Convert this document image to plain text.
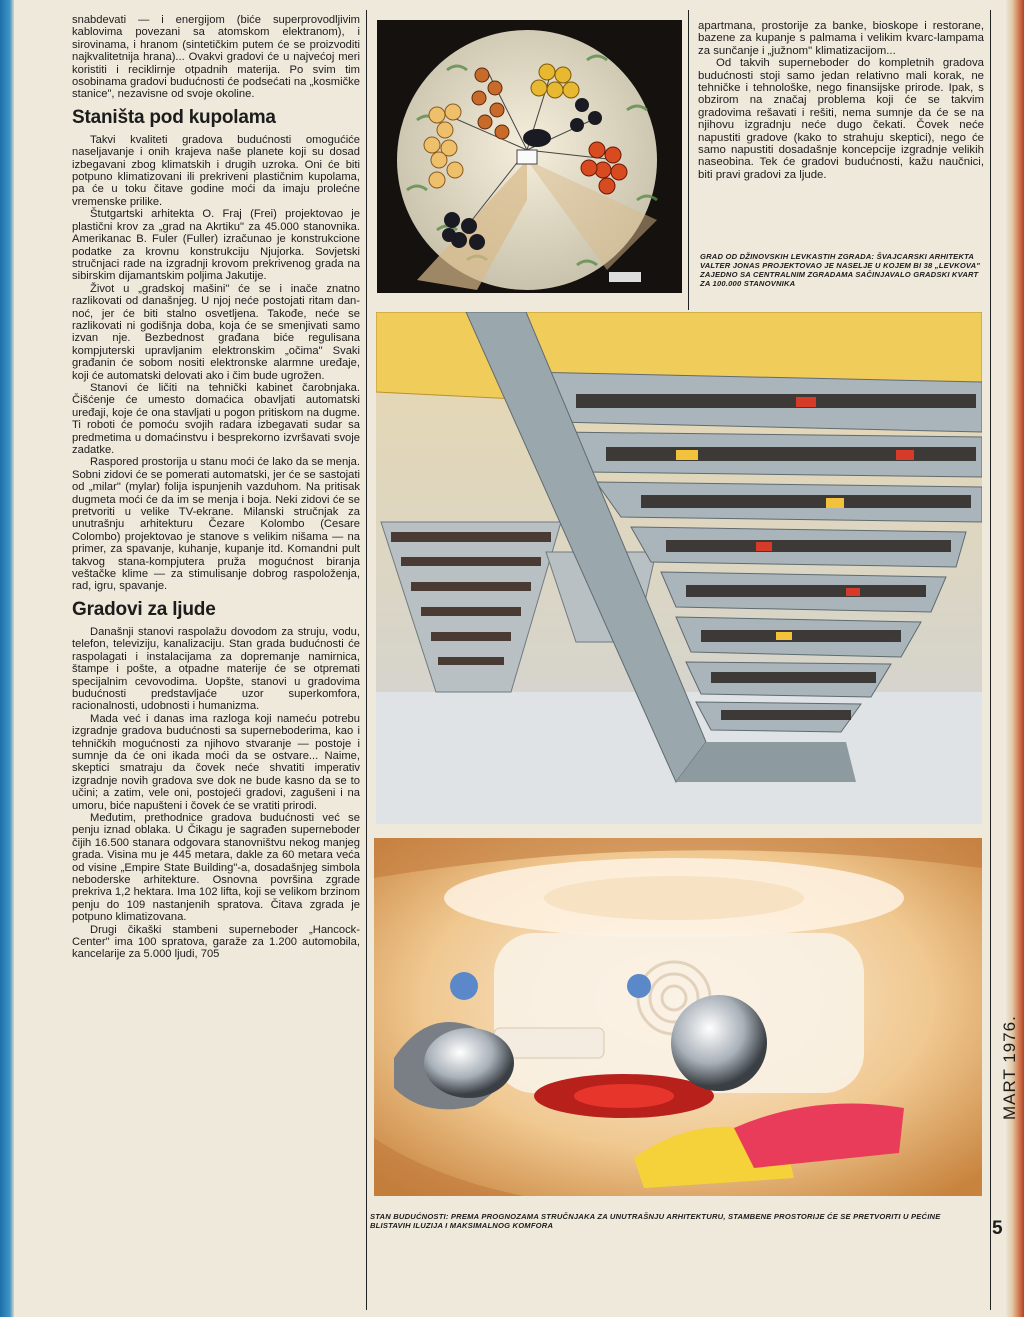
snabdevati — i energijom (biće superprovodljivim kablovima povezani sa atomskom elektranom), i sirovinama, i hranom (sintetičkim putem će se proizvoditi najkvalitetnija hrana)... Ovakvi gradovi će u najvećoj meri koristiti i reciklirnje otpadnih materija. Po svim tim osobinama gradovi budućnosti će podsećati na „kosmičke stanice", nezavisne od svoje okoline.

Staništa pod kupolama

Takvi kvaliteti gradova budućnosti omogućiće naseljavanje i onih krajeva naše planete koji su dosad izbegavani zbog klimatskih i drugih uzroka. Oni će biti potpuno klimatizovani ili prekriveni plastičnim kupolama, pa će u toku čitave godine moći da imaju prolećne vremenske prilike.

Štutgartski arhitekta O. Fraj (Frei) projektovao je plastični krov za „grad na Akrtiku" za 45.000 stanovnika. Amerikanac B. Fuler (Fuller) izračunao je konstrukcione podatke za krovnu konstrukciju Njujorka. Sovjetski stručnjaci rade na izgradnji krovom prekrivenog grada na sibirskim dijamantskim poljima Jakutije.

Život u „gradskoj mašini" će se i inače znatno razlikovati od današnjeg. U njoj neće postojati ritam dan-noć, jer će biti stalno osvetljena. Takođe, neće se razlikovati ni godišnja doba, koja će se smenjivati samo izvan nje. Bezbednost građana biće regulisana kompjuterski upravljanim elektronskim „očima" Svaki građanin će sobom nositi elektronske alarmne uređaje, koji će automatski delovati ako i čim bude ugrožen.

Stanovi će ličiti na tehnički kabinet čarobnjaka. Čišćenje će umesto domaćica obavljati automatski uređaji, koje će ona stavljati u pogon pritiskom na dugme. Ti roboti će pomoću svojih radara izbegavati sudar sa predmetima u domaćinstvu i besprekorno izvršavati svoje zadatke.

Raspored prostorija u stanu moći će lako da se menja. Sobni zidovi će se pomerati automatski, jer će se sastojati od „milar" (mylar) folija ispunjenih vazduhom. Na pritisak dugmeta moći će da im se menja i boja. Neki zidovi će se pretvoriti u velike TV-ekrane. Milanski stručnjak za unutrašnju arhitekturu Čezare Kolombo (Cesare Colombo) projektovao je stanove s velikim nišama — na primer, za spavanje, kuhanje, kupanje itd. Komandni pult takvog stana-kompjutera pruža mogućnost biranja veštačke klime — za stimulisanje dobrog raspoloženja, rad, igru, spavanje.

Gradovi za ljude

Današnji stanovi raspolažu dovodom za struju, vodu, telefon, televiziju, kanalizaciju. Stan grada budućnosti će raspolagati i instalacijama za dopremanje namirnica, štampe i pošte, a otpadne materije će se otpremati specijalnim cevovodima. Uopšte, stanovi u gradovima budućnosti predstavljaće uzor superkomfora, racionalnosti, udobnosti i humanizma.

Mada već i danas ima razloga koji nameću potrebu izgradnje gradova budućnosti sa superneboderima, kao i tehničkih mogućnosti za njihovo stvaranje — postoje i sumnje da će oni ikada moći da se ostvare... Naime, skeptici smatraju da čovek neće shvatiti imperativ izgradnje novih gradova sve dok ne bude kasno da se to učini; a zatim, vele oni, postojeći gradovi, zagušeni i na umoru, biće napušteni i čovek će se vratiti prirodi.

Međutim, prethodnice gradova budućnosti već se penju iznad oblaka. U Čikagu je sagrađen superneboder čijih 16.500 stanara odgovara stanovništvu nekog manjeg grada. Visina mu je 445 metara, dakle za 60 metara veća od visine „Empire State Building"-a, dosadašnjeg simbola neboderske arhitekture. Osnovna površina zgrade prekriva 1,2 hektara. Ima 102 lifta, koji se velikom brzinom penju do 109 nastanjenih spratova. Čitava zgrada je potpuno klimatizovana.

Drugi čikaški stambeni superneboder „Hancock-Center" ima 100 spratova, garaže za 1.200 automobila, kancelarije za 5.000 ljudi, 705

apartmana, prostorije za banke, bioskope i restorane, bazene za kupanje s palmama i velikim kvarc-lampama za sunčanje i „južnom" klimatizacijom...

Od takvih superneboder do kompletnih gradova budućnosti stoji samo jedan relativno mali korak, ne tehničke i tehnološke, nego finansijske prirode. Ipak, s obzirom na značaj problema koji će se takvim gradovima rešavati i rešiti, nema sumnje da će se na njihovu izgradnju neće dugo čekati. Čovek neće napustiti gradove (kako to strahuju skeptici), nego će samo napustiti dosadašnje koncepcije izgradnje velikih naseobina. Tek će gradovi budućnosti, kažu naučnici, biti pravi gradovi za ljude.

GRAD OD DŽINOVSKIH LEVKASTIH ZGRADA: ŠVAJCARSKI ARHITEKTA VALTER JONAS PROJEKTOVAO JE NASELJE U KOJEM BI 38 „LEVKOVA" ZAJEDNO SA CENTRALNIM ZGRADAMA SAČINJAVALO GRADSKI KVART ZA 100.000 STANOVNIKA
STAN BUDUĆNOSTI: PREMA PROGNOZAMA STRUČNJAKA ZA UNUTRAŠNJU ARHITEKTURU, STAMBENE PROSTORIJE ĆE SE PRETVORITI U PEĆINE BLISTAVIH ILUZIJA I MAKSIMALNOG KOMFORA
MART 1976.
5
